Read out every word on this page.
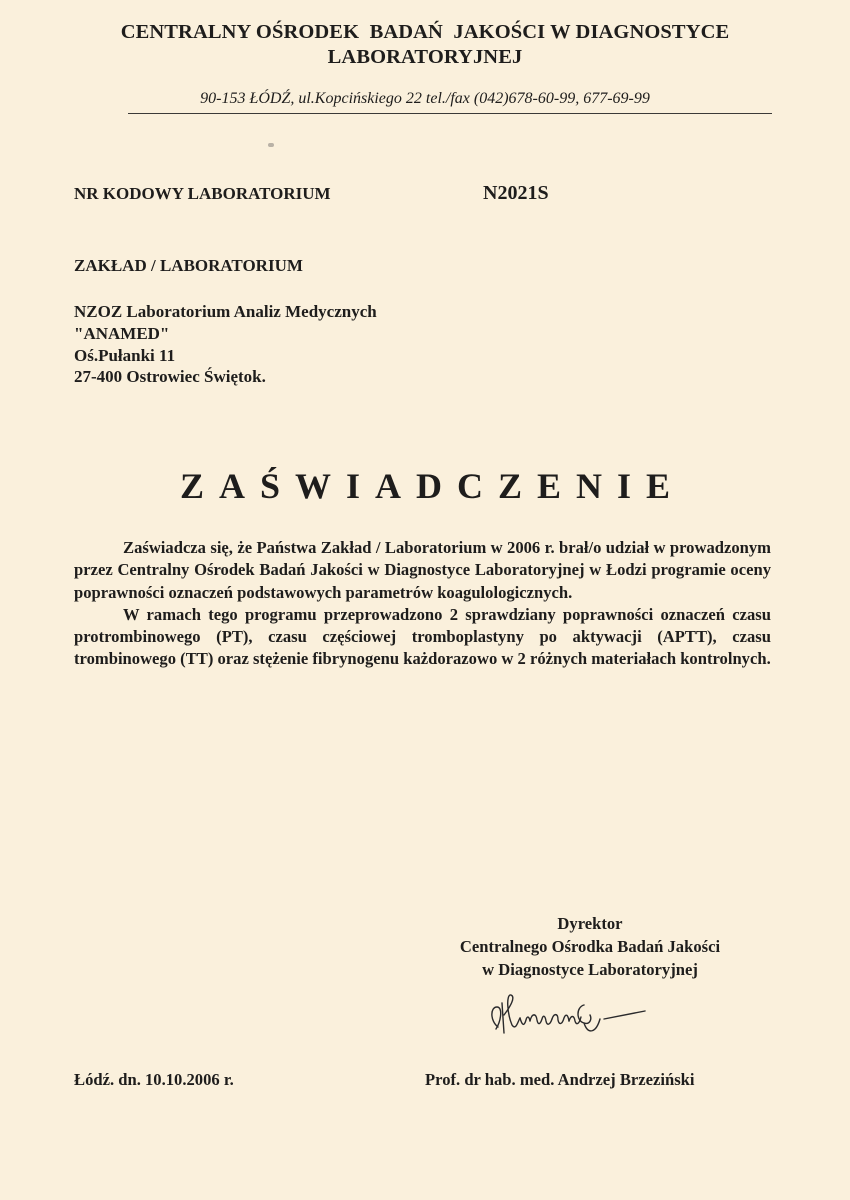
CENTRALNY OŚRODEK  BADAŃ  JAKOŚCI W DIAGNOSTYCE
LABORATORYJNEJ
90-153 ŁÓDŹ, ul.Kopcińskiego 22 tel./fax (042)678-60-99, 677-69-99
NR KODOWY LABORATORIUM	N2021S
ZAKŁAD / LABORATORIUM
NZOZ Laboratorium Analiz Medycznych
"ANAMED"
Oś.Pułanki 11
27-400 Ostrowiec Świętok.
ZAŚWIADCZENIE

Zaświadcza się, że Państwa Zakład / Laboratorium w 2006 r. brał/o udział w prowadzonym przez Centralny Ośrodek Badań Jakości w Diagnostyce Laboratoryjnej w Łodzi programie oceny poprawności oznaczeń podstawowych parametrów koagulologicznych.

W ramach tego programu przeprowadzono 2 sprawdziany poprawności oznaczeń czasu protrombinowego (PT), czasu częściowej tromboplastyny po aktywacji (APTT), czasu trombinowego (TT) oraz stężenie fibrynogenu każdorazowo w 2 różnych materiałach kontrolnych.

Dyrektor
Centralnego Ośrodka Badań Jakości
w Diagnostyce Laboratoryjnej
Łódź. dn. 10.10.2006 r.	Prof. dr hab. med. Andrzej Brzeziński
